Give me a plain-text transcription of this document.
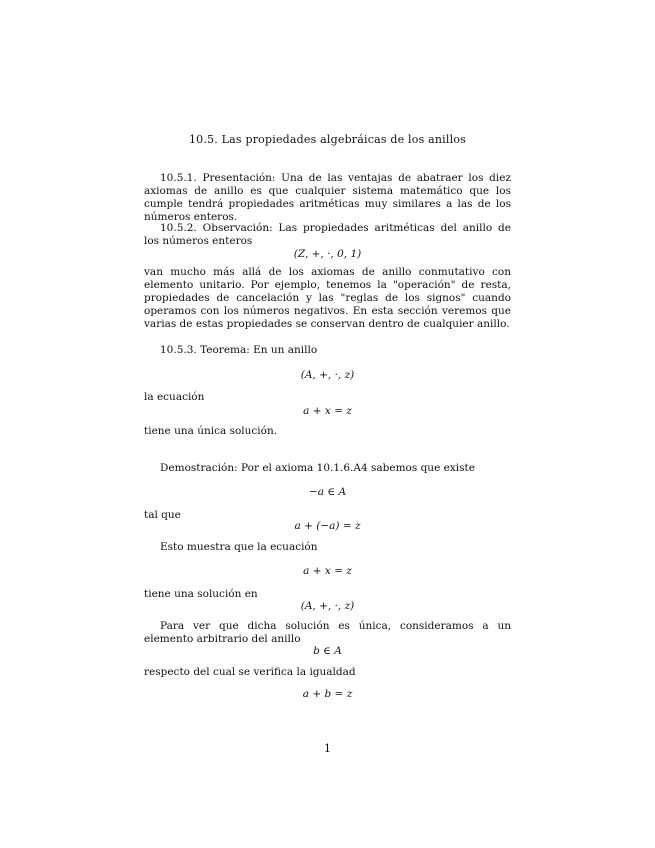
10.5. Las propiedades algebráicas de los anillos
10.5.1. Presentación: Una de las ventajas de abatraer los diez axiomas de anillo es que cualquier sistema matemático que los cumple tendrá propiedades aritméticas muy similares a las de los números enteros.
10.5.2. Observación: Las propiedades aritméticas del anillo de los números enteros
(Z, +, ·, 0, 1)
van mucho más allá de los axiomas de anillo conmutativo con elemento unitario. Por ejemplo, tenemos la "operación" de resta, propiedades de cancelación y las "reglas de los signos" cuando operamos con los números negativos. En esta sección veremos que varias de estas propiedades se conservan dentro de cualquier anillo.
10.5.3. Teorema: En un anillo
(A, +, ·, z)
la ecuación
a + x = z
tiene una única solución.
Demostración: Por el axioma 10.1.6.A4 sabemos que existe
−a ∈ A
tal que
a + (−a) = z
Esto muestra que la ecuación
a + x = z
tiene una solución en
(A, +, ·, z)
Para ver que dicha solución es única, consideramos a un elemento arbitrario del anillo
b ∈ A
respecto del cual se verifica la igualdad
a + b = z
1
